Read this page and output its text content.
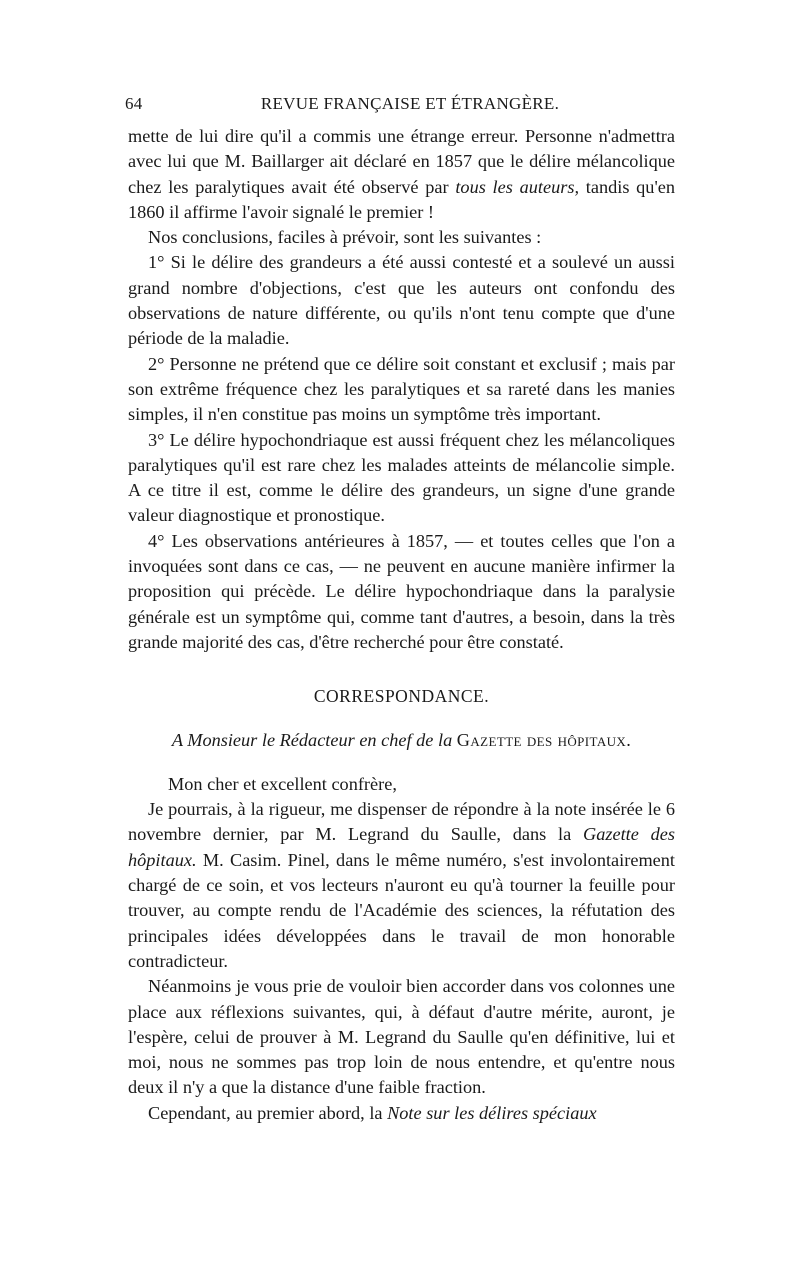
64	REVUE FRANÇAISE ET ÉTRANGÈRE.

mette de lui dire qu'il a commis une étrange erreur. Personne n'admettra avec lui que M. Baillarger ait déclaré en 1857 que le délire mélancolique chez les paralytiques avait été observé par tous les auteurs, tandis qu'en 1860 il affirme l'avoir signalé le premier !

Nos conclusions, faciles à prévoir, sont les suivantes :

1° Si le délire des grandeurs a été aussi contesté et a soulevé un aussi grand nombre d'objections, c'est que les auteurs ont confondu des observations de nature différente, ou qu'ils n'ont tenu compte que d'une période de la maladie.

2° Personne ne prétend que ce délire soit constant et exclusif ; mais par son extrême fréquence chez les paralytiques et sa rareté dans les manies simples, il n'en constitue pas moins un symptôme très important.

3° Le délire hypochondriaque est aussi fréquent chez les mélancoliques paralytiques qu'il est rare chez les malades atteints de mélancolie simple. A ce titre il est, comme le délire des grandeurs, un signe d'une grande valeur diagnostique et pronostique.

4° Les observations antérieures à 1857, — et toutes celles que l'on a invoquées sont dans ce cas, — ne peuvent en aucune manière infirmer la proposition qui précède. Le délire hypochondriaque dans la paralysie générale est un symptôme qui, comme tant d'autres, a besoin, dans la très grande majorité des cas, d'être recherché pour être constaté.

CORRESPONDANCE.

A Monsieur le Rédacteur en chef de la Gazette des hôpitaux.

Mon cher et excellent confrère,

Je pourrais, à la rigueur, me dispenser de répondre à la note insérée le 6 novembre dernier, par M. Legrand du Saulle, dans la Gazette des hôpitaux. M. Casim. Pinel, dans le même numéro, s'est involontairement chargé de ce soin, et vos lecteurs n'auront eu qu'à tourner la feuille pour trouver, au compte rendu de l'Académie des sciences, la réfutation des principales idées développées dans le travail de mon honorable contradicteur.

Néanmoins je vous prie de vouloir bien accorder dans vos colonnes une place aux réflexions suivantes, qui, à défaut d'autre mérite, auront, je l'espère, celui de prouver à M. Legrand du Saulle qu'en définitive, lui et moi, nous ne sommes pas trop loin de nous entendre, et qu'entre nous deux il n'y a que la distance d'une faible fraction.

Cependant, au premier abord, la Note sur les délires spéciaux
